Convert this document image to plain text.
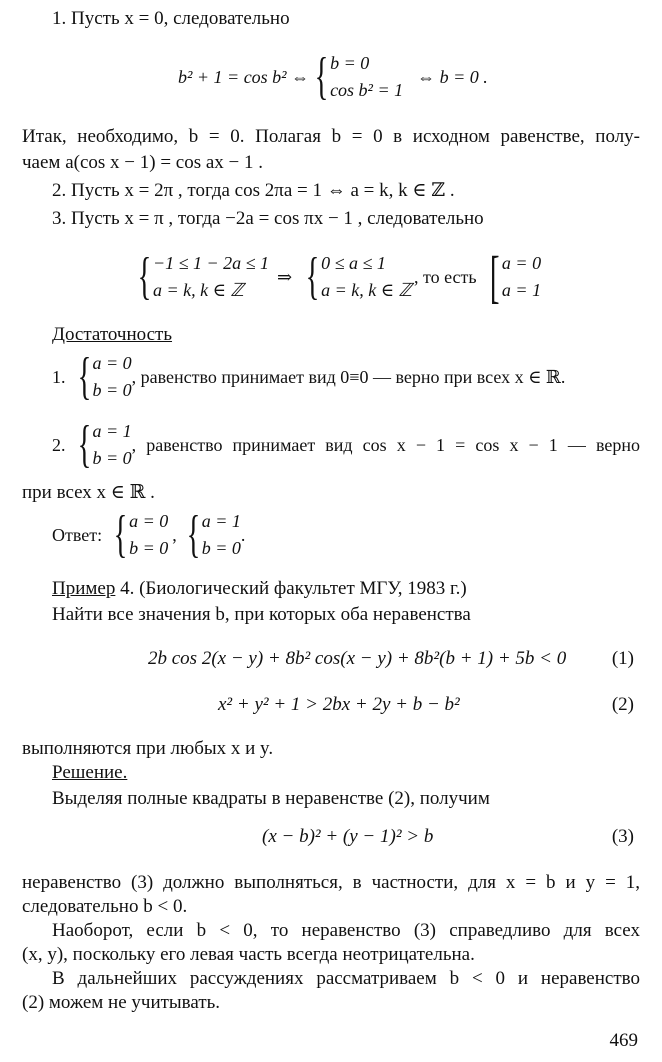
1. Пусть x = 0, следовательно
b² + 1 = cos b² ⇔ { b = 0
cos b² = 1
⇔ b = 0 .
Итак, необходимо, b = 0. Полагая b = 0 в исходном равенстве, полу-
чаем a(cos x − 1) = cos ax − 1 .
2. Пусть x = 2π , тогда cos 2πa = 1 ⇔ a = k, k ∈ ℤ .
3. Пусть x = π , тогда −2a = cos πx − 1 , следовательно
{ −1 ≤ 1 − 2a ≤ 1
a = k, k ∈ ℤ
⇒ { 0 ≤ a ≤ 1
a = k, k ∈ ℤ
, то есть [ a = 0
a = 1
Достаточность
1. { a = 0
b = 0
, равенство принимает вид 0≡0 — верно при всех x ∈ ℝ.
2. { a = 1
b = 0
, равенство принимает вид cos x − 1 = cos x − 1 — верно
при всех x ∈ ℝ .
Ответ: { a = 0
b = 0
, { a = 1
b = 0
.
Пример 4. (Биологический факультет МГУ, 1983 г.)
Найти все значения b, при которых оба неравенства
2b cos 2(x − y) + 8b² cos(x − y) + 8b²(b + 1) + 5b < 0 (1)
x² + y² + 1 > 2bx + 2y + b − b²	(2)
выполняются при любых x и y.
Решение.
Выделяя полные квадраты в неравенстве (2), получим
(x − b)² + (y − 1)² > b	(3)
неравенство (3) должно выполняться, в частности, для x = b и y = 1,
следовательно b < 0.
Наоборот, если b < 0, то неравенство (3) справедливо для всех
(x, y), поскольку его левая часть всегда неотрицательна.
В дальнейших рассуждениях рассматриваем b < 0 и неравенство
(2) можем не учитывать.
469
